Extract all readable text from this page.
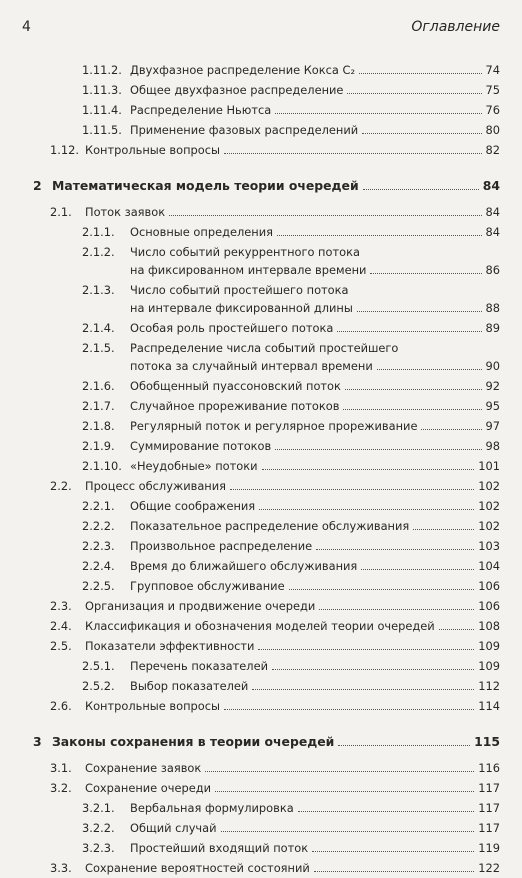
4	Оглавление
1.11.2. Двухфазное распределение Кокса C₂	74
1.11.3. Общее двухфазное распределение	75
1.11.4. Распределение Ньютса	76
1.11.5. Применение фазовых распределений	80
1.12. Контрольные вопросы	82
2 Математическая модель теории очередей	84
2.1. Поток заявок	84
2.1.1. Основные определения	84
2.1.2. Число событий рекуррентного потока
на фиксированном интервале времени	86
2.1.3. Число событий простейшего потока
на интервале фиксированной длины	88
2.1.4. Особая роль простейшего потока	89
2.1.5. Распределение числа событий простейшего
потока за случайный интервал времени	90
2.1.6. Обобщенный пуассоновский поток	92
2.1.7. Случайное прореживание потоков	95
2.1.8. Регулярный поток и регулярное прореживание	97
2.1.9. Суммирование потоков	98
2.1.10. «Неудобные» потоки	101
2.2. Процесс обслуживания	102
2.2.1. Общие соображения	102
2.2.2. Показательное распределение обслуживания	102
2.2.3. Произвольное распределение	103
2.2.4. Время до ближайшего обслуживания	104
2.2.5. Групповое обслуживание	106
2.3. Организация и продвижение очереди	106
2.4. Классификация и обозначения моделей теории очередей	108
2.5. Показатели эффективности	109
2.5.1. Перечень показателей	109
2.5.2. Выбор показателей	112
2.6. Контрольные вопросы	114
3 Законы сохранения в теории очередей	115
3.1. Сохранение заявок	116
3.2. Сохранение очереди	117
3.2.1. Вербальная формулировка	117
3.2.2. Общий случай	117
3.2.3. Простейший входящий поток	119
3.3. Сохранение вероятностей состояний	122
